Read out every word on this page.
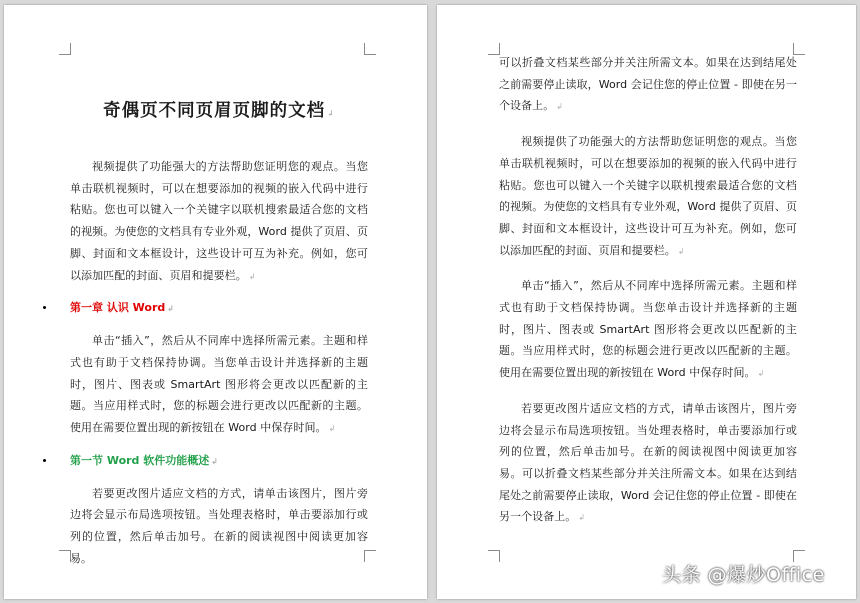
奇偶页不同页眉页脚的文档 ↲

视频提供了功能强大的方法帮助您证明您的观点。当您单击联机视频时，可以在想要添加的视频的嵌入代码中进行粘贴。您也可以键入一个关键字以联机搜索最适合您的文档的视频。为使您的文档具有专业外观，Word 提供了页眉、页脚、封面和文本框设计，这些设计可互为补充。例如，您可以添加匹配的封面、页眉和提要栏。 ↲

第一章 认识 Word ↲

单击“插入”，然后从不同库中选择所需元素。主题和样式也有助于文档保持协调。当您单击设计并选择新的主题时，图片、图表或 SmartArt 图形将会更改以匹配新的主题。当应用样式时，您的标题会进行更改以匹配新的主题。使用在需要位置出现的新按钮在 Word 中保存时间。 ↲

第一节 Word 软件功能概述 ↲

若要更改图片适应文档的方式，请单击该图片，图片旁边将会显示布局选项按钮。当处理表格时，单击要添加行或列的位置，然后单击加号。在新的阅读视图中阅读更加容易。

可以折叠文档某些部分并关注所需文本。如果在达到结尾处之前需要停止读取，Word 会记住您的停止位置 - 即使在另一个设备上。 ↲

视频提供了功能强大的方法帮助您证明您的观点。当您单击联机视频时，可以在想要添加的视频的嵌入代码中进行粘贴。您也可以键入一个关键字以联机搜索最适合您的文档的视频。为使您的文档具有专业外观，Word 提供了页眉、页脚、封面和文本框设计，这些设计可互为补充。例如，您可以添加匹配的封面、页眉和提要栏。 ↲

单击“插入”，然后从不同库中选择所需元素。主题和样式也有助于文档保持协调。当您单击设计并选择新的主题时，图片、图表或 SmartArt 图形将会更改以匹配新的主题。当应用样式时，您的标题会进行更改以匹配新的主题。使用在需要位置出现的新按钮在 Word 中保存时间。 ↲

若要更改图片适应文档的方式，请单击该图片，图片旁边将会显示布局选项按钮。当处理表格时，单击要添加行或列的位置，然后单击加号。在新的阅读视图中阅读更加容易。可以折叠文档某些部分并关注所需文本。如果在达到结尾处之前需要停止读取，Word 会记住您的停止位置 - 即使在另一个设备上。 ↲

头条 @爆炒Office
